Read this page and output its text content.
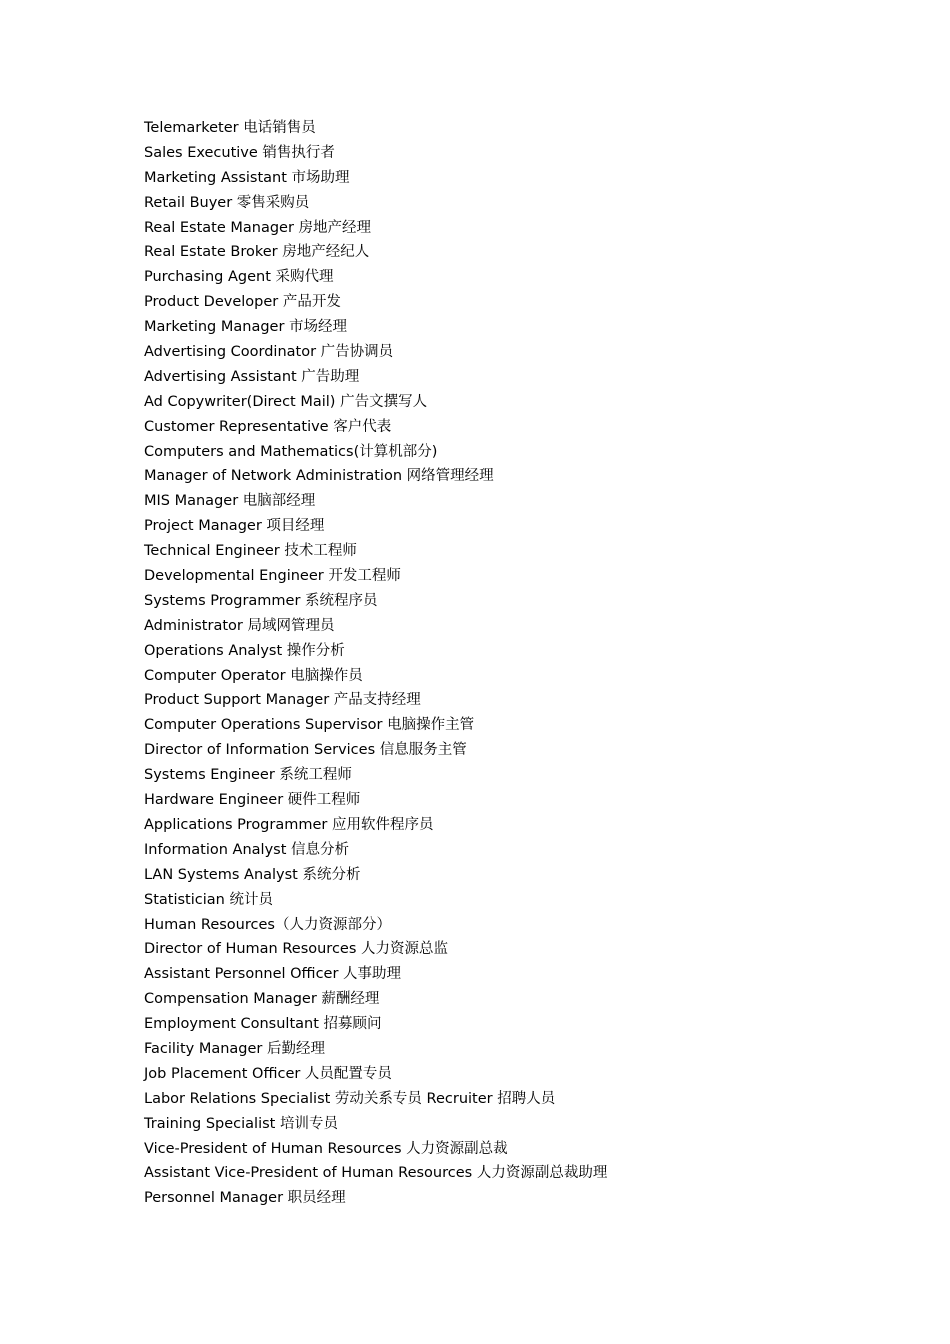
Telemarketer 电话销售员
Sales Executive 销售执行者
Marketing Assistant 市场助理
Retail Buyer 零售采购员
Real Estate Manager 房地产经理
Real Estate Broker 房地产经纪人
Purchasing Agent 采购代理
Product Developer 产品开发
Marketing Manager 市场经理
Advertising Coordinator 广告协调员
Advertising Assistant 广告助理
Ad Copywriter(Direct Mail) 广告文撰写人
Customer Representative 客户代表
Computers and Mathematics(计算机部分)
Manager of Network Administration 网络管理经理
MIS Manager 电脑部经理
Project Manager 项目经理
Technical Engineer 技术工程师
Developmental Engineer 开发工程师
Systems Programmer 系统程序员
Administrator 局域网管理员
Operations Analyst 操作分析
Computer Operator 电脑操作员
Product Support Manager 产品支持经理
Computer Operations Supervisor 电脑操作主管
Director of Information Services 信息服务主管
Systems Engineer 系统工程师
Hardware Engineer 硬件工程师
Applications Programmer 应用软件程序员
Information Analyst 信息分析
LAN Systems Analyst 系统分析
Statistician 统计员
Human Resources（人力资源部分）
Director of Human Resources 人力资源总监
Assistant Personnel Officer 人事助理
Compensation Manager 薪酬经理
Employment Consultant 招募顾问
Facility Manager 后勤经理
Job Placement Officer 人员配置专员
Labor Relations Specialist 劳动关系专员 Recruiter 招聘人员
Training Specialist 培训专员
Vice-President of Human Resources 人力资源副总裁
Assistant Vice-President of Human Resources 人力资源副总裁助理
Personnel Manager 职员经理
